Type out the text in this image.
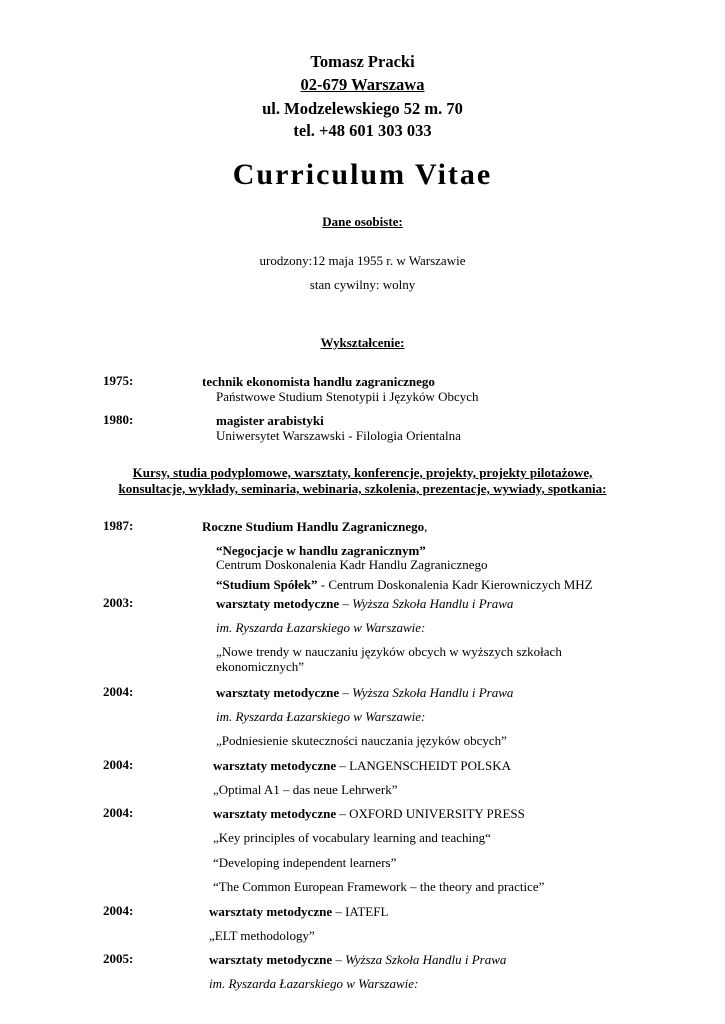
Tomasz Pracki
02-679 Warszawa
ul. Modzelewskiego 52 m. 70
tel. +48 601 303 033
Curriculum Vitae
Dane osobiste:
urodzony:12 maja 1955 r. w Warszawie
stan cywilny: wolny
Wykształcenie:
1975:	technik ekonomista handlu zagranicznego
Państwowe Studium Stenotypii i Języków Obcych
1980:	magister arabistyki
Uniwersytet Warszawski - Filologia Orientalna
Kursy, studia podyplomowe, warsztaty, konferencje, projekty, projekty pilotażowe,
konsultacje, wykłady, seminaria, webinaria, szkolenia, prezentacje, wywiady, spotkania:
1987:	Roczne Studium Handlu Zagranicznego,
“Negocjacje w handlu zagranicznym”
Centrum Doskonalenia Kadr Handlu Zagranicznego
“Studium Spółek” - Centrum Doskonalenia Kadr Kierowniczych MHZ
2003:	warsztaty metodyczne – Wyższa Szkoła Handlu i Prawa
im. Ryszarda Łazarskiego w Warszawie:
„Nowe trendy w nauczaniu języków obcych w wyższych szkołach
ekonomicznych”
2004:	warsztaty metodyczne – Wyższa Szkoła Handlu i Prawa
im. Ryszarda Łazarskiego w Warszawie:
„Podniesienie skuteczności nauczania języków obcych”
2004:	warsztaty metodyczne – LANGENSCHEIDT POLSKA
„Optimal A1 – das neue Lehrwerk”
2004:	warsztaty metodyczne – OXFORD UNIVERSITY PRESS
„Key principles of vocabulary learning and teaching“
“Developing independent learners”
“The Common European Framework – the theory and practice”
2004:	warsztaty metodyczne – IATEFL
„ELT methodology”
2005:	warsztaty metodyczne – Wyższa Szkoła Handlu i Prawa
im. Ryszarda Łazarskiego w Warszawie:
